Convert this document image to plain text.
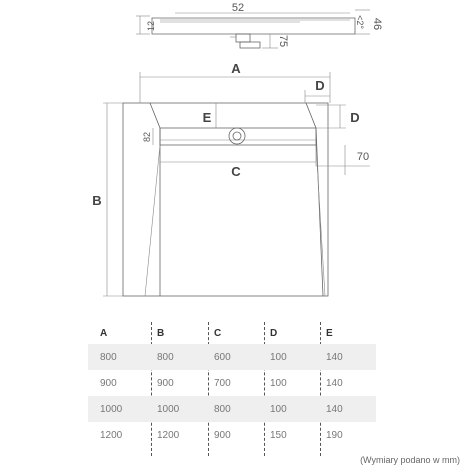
12
52
<2° 46
75
A
D
B
E
82
D
C
70
A	B	C	D	E
800	800	600	100	140
900	900	700	100	140
1000	1000	800	100	140
1200	1200	900	150	190
(Wymiary podano w mm)
